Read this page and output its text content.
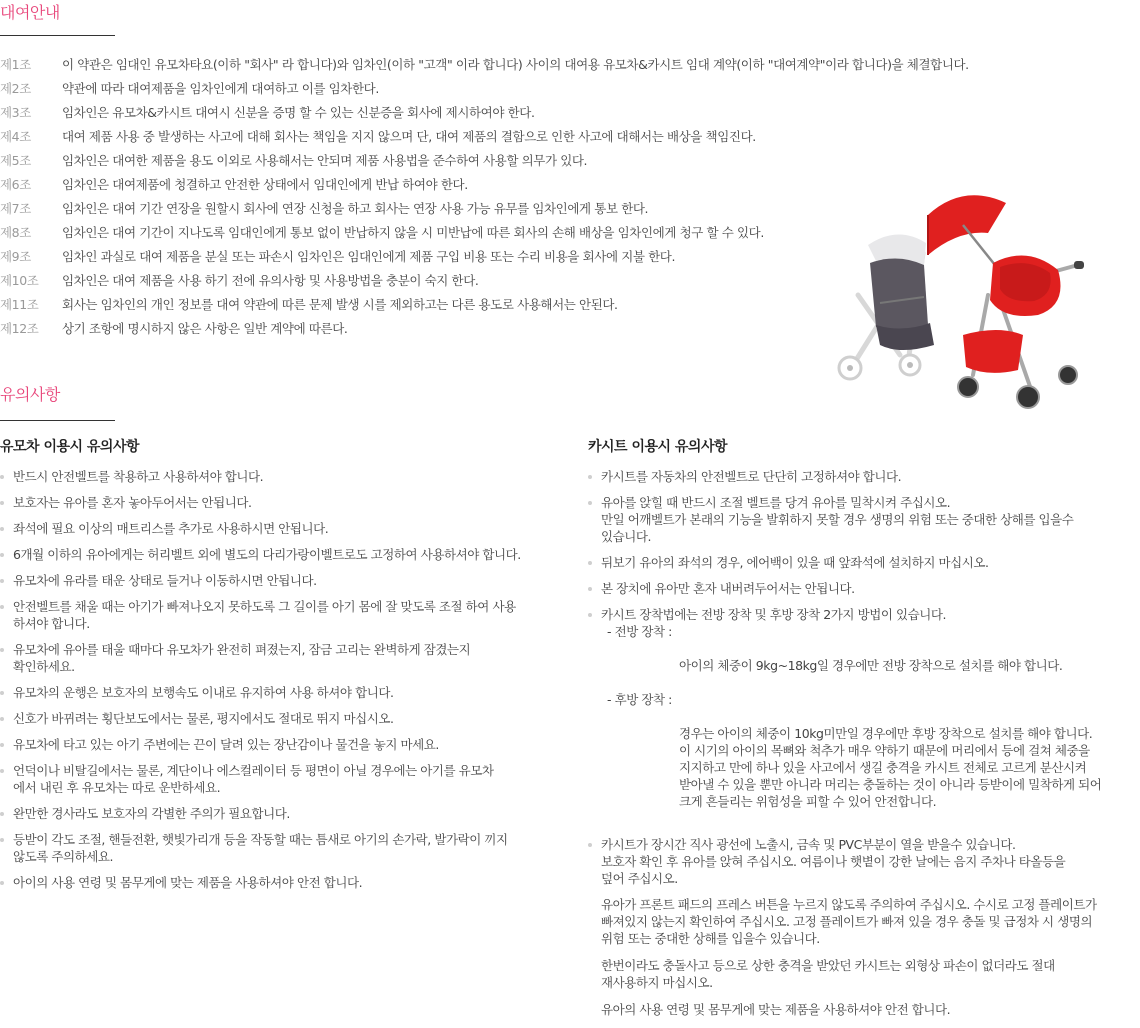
대여안내
제1조	이 약관은 임대인 유모차타요(이하 "회사" 라 합니다)와 임차인(이하 "고객" 이라 합니다) 사이의 대여용 유모차&카시트 임대 계약(이하 "대여계약"이라 합니다)을 체결합니다.
제2조	약관에 따라 대여제품을 임차인에게 대여하고 이를 임차한다.
제3조	임차인은 유모차&카시트 대여시 신분을 증명 할 수 있는 신분증을 회사에 제시하여야 한다.
제4조	대여 제품 사용 중 발생하는 사고에 대해 회사는 책임을 지지 않으며 단, 대여 제품의 결함으로 인한 사고에 대해서는 배상을 책임진다.
제5조	임차인은 대여한 제품을 용도 이외로 사용해서는 안되며 제품 사용법을 준수하여 사용할 의무가 있다.
제6조	임차인은 대여제품에 청결하고 안전한 상태에서 임대인에게 반납 하여야 한다.
제7조	임차인은 대여 기간 연장을 원할시 회사에 연장 신청을 하고 회사는 연장 사용 가능 유무를 임차인에게 통보 한다.
제8조	임차인은 대여 기간이 지나도록 임대인에게 통보 없이 반납하지 않을 시 미반납에 따른 회사의 손해 배상을 임차인에게 청구 할 수 있다.
제9조	임차인 과실로 대여 제품을 분실 또는 파손시 임차인은 임대인에게 제품 구입 비용 또는 수리 비용을 회사에 지불 한다.
제10조	임차인은 대여 제품을 사용 하기 전에 유의사항 및 사용방법을 충분이 숙지 한다.
제11조	회사는 임차인의 개인 정보를 대여 약관에 따른 문제 발생 시를 제외하고는 다른 용도로 사용해서는 안된다.
제12조	상기 조항에 명시하지 않은 사항은 일반 계약에 따른다.
유의사항
유모차 이용시 유의사항
반드시 안전벨트를 착용하고 사용하셔야 합니다.
보호자는 유아를 혼자 놓아두어서는 안됩니다.
좌석에 필요 이상의 매트리스를 추가로 사용하시면 안됩니다.
6개월 이하의 유아에게는 허리벨트 외에 별도의 다리가랑이벨트로도 고정하여 사용하셔야 합니다.
유모차에 유라를 태운 상태로 들거나 이동하시면 안됩니다.
안전벨트를 채울 때는 아기가 빠져나오지 못하도록 그 길이를 아기 몸에 잘 맞도록 조절 하여 사용
하셔야 합니다.
유모차에 유아를 태울 때마다 유모차가 완전히 펴졌는지, 잠금 고리는 완벽하게 잠겼는지
확인하세요.
유모차의 운행은 보호자의 보행속도 이내로 유지하여 사용 하셔야 합니다.
신호가 바뀌려는 횡단보도에서는 물론, 평지에서도 절대로 뛰지 마십시오.
유모차에 타고 있는 아기 주변에는 끈이 달려 있는 장난감이나 물건을 놓지 마세요.
언덕이나 비탈길에서는 물론, 계단이나 에스컬레이터 등 평면이 아닐 경우에는 아기를 유모차
에서 내린 후 유모차는 따로 운반하세요.
완만한 경사라도 보호자의 각별한 주의가 필요합니다.
등받이 각도 조절, 핸들전환, 햇빛가리개 등을 작동할 때는 틈새로 아기의 손가락, 발가락이 끼지
않도록 주의하세요.
아이의 사용 연령 및 몸무게에 맞는 제품을 사용하셔야 안전 합니다.
카시트 이용시 유의사항
카시트를 자동차의 안전벨트로 단단히 고정하셔야 합니다.
유아를 앉힐 때 반드시 조절 벨트를 당겨 유아를 밀착시켜 주십시오.
만일 어깨벨트가 본래의 기능을 발휘하지 못할 경우 생명의 위험 또는 중대한 상해를 입을수
있습니다.
뒤보기 유아의 좌석의 경우, 에어백이 있을 때 앞좌석에 설치하지 마십시오.
본 장치에 유아만 혼자 내버려두어서는 안됩니다.
카시트 장착법에는 전방 장착 및 후방 장착 2가지 방법이 있습니다.

- 전방 장착 :

아이의 체중이 9kg~18kg일 경우에만 전방 장착으로 설치를 해야 합니다.

- 후방 장착 :

경우는 아이의 체중이 10kg미만일 경우에만 후방 장착으로 설치를 해야 합니다.
이 시기의 아이의 목뼈와 척추가 매우 약하기 때문에 머리에서 등에 걸쳐 체중을
지지하고 만에 하나 있을 사고에서 생길 충격을 카시트 전체로 고르게 분산시켜
받아낼 수 있을 뿐만 아니라 머리는 충돌하는 것이 아니라 등받이에 밀착하게 되어
크게 흔들리는 위험성을 피할 수 있어 안전합니다.

카시트가 장시간 직사 광선에 노출시, 금속 및 PVC부분이 열을 받을수 있습니다.
보호자 확인 후 유아를 앉혀 주십시오. 여름이나 햇볕이 강한 날에는 음지 주차나 타올등을
덮어 주십시오.
유아가 프론트 패드의 프레스 버튼을 누르지 않도록 주의하여 주십시오. 수시로 고정 플레이트가
빠져있지 않는지 확인하여 주십시오. 고정 플레이트가 빠져 있을 경우 충돌 및 급정차 시 생명의
위험 또는 중대한 상해를 입을수 있습니다.
한번이라도 충돌사고 등으로 상한 충격을 받았던 카시트는 외형상 파손이 없더라도 절대
재사용하지 마십시오.
유아의 사용 연령 및 몸무게에 맞는 제품을 사용하셔야 안전 합니다.
